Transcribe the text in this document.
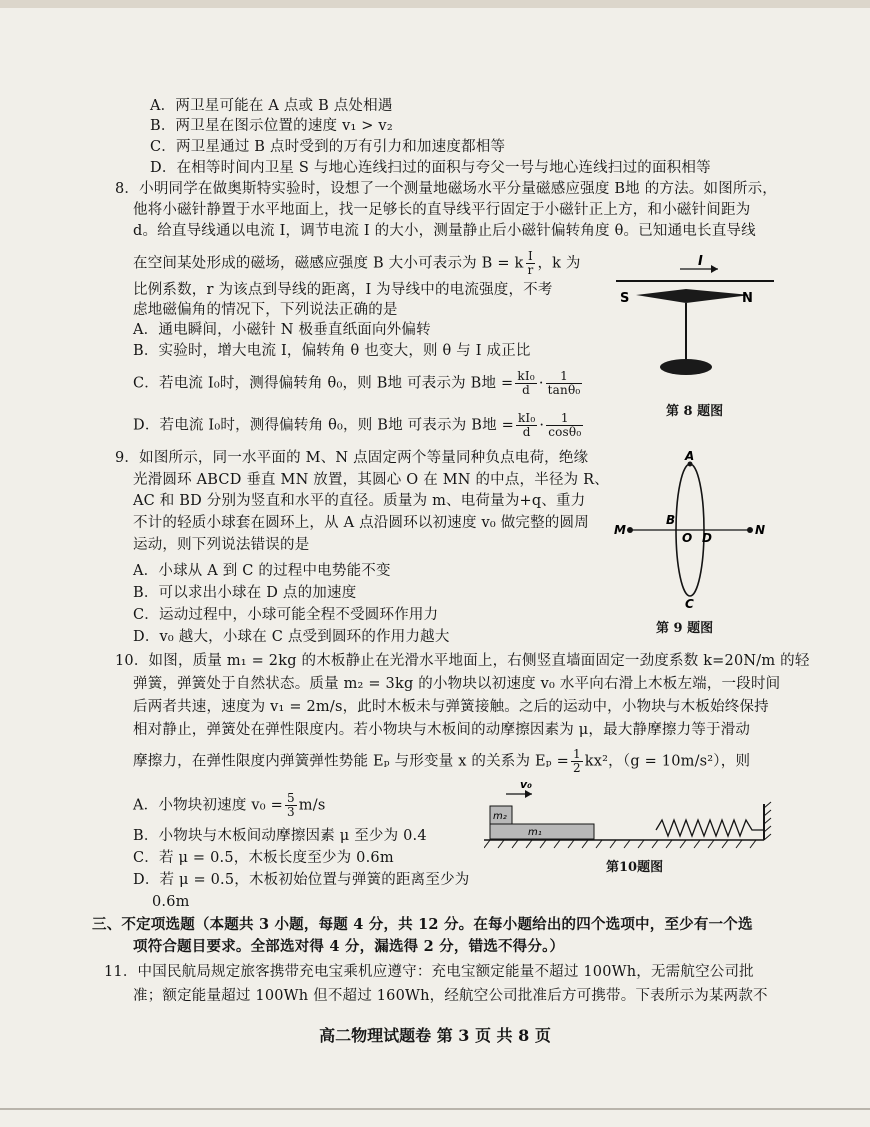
A．两卫星可能在 A 点或 B 点处相遇
B．两卫星在图示位置的速度 v₁ > v₂
C．两卫星通过 B 点时受到的万有引力和加速度都相等
D．在相等时间内卫星 S 与地心连线扫过的面积与夸父一号与地心连线扫过的面积相等
8．小明同学在做奥斯特实验时，设想了一个测量地磁场水平分量磁感应强度 B地 的方法。如图所示，
他将小磁针静置于水平地面上，找一足够长的直导线平行固定于小磁针正上方，和小磁针间距为
d。给直导线通以电流 I，调节电流 I 的大小，测量静止后小磁针偏转角度 θ。已知通电长直导线
在空间某处形成的磁场，磁感应强度 B 大小可表示为 B = k $\frac{I}{r}$ ，k 为
比例系数，r 为该点到导线的距离，I 为导线中的电流强度，不考
虑地磁偏角的情况下，下列说法正确的是
A．通电瞬间，小磁针 N 极垂直纸面向外偏转
B．实验时，增大电流 I，偏转角 θ 也变大，则 θ 与 I 成正比
C．若电流 I₀时，测得偏转角 θ₀，则 B地 可表示为 B地 = $\frac{\text{kI₀}}{d} \cdot \frac{1}{\text{tanθ₀}}$
D．若电流 I₀时，测得偏转角 θ₀，则 B地 可表示为 B地 = $\frac{\text{kI₀}}{d} \cdot \frac{1}{\text{cosθ₀}}$
I
S	N
第 8 题图
9．如图所示，同一水平面的 M、N 点固定两个等量同种负点电荷，绝缘
光滑圆环 ABCD 垂直 MN 放置，其圆心 O 在 MN 的中点，半径为 R、
AC 和 BD 分别为竖直和水平的直径。质量为 m、电荷量为+q、重力
不计的轻质小球套在圆环上，从 A 点沿圆环以初速度 v₀ 做完整的圆周
运动，则下列说法错误的是
A．小球从 A 到 C 的过程中电势能不变
B．可以求出小球在 D 点的加速度
C．运动过程中，小球可能全程不受圆环作用力
D．v₀ 越大，小球在 C 点受到圆环的作用力越大
A
C
B
D
O
M	N
第 9 题图
10．如图，质量 m₁ = 2kg 的木板静止在光滑水平地面上，右侧竖直墙面固定一劲度系数 k=20N/m 的轻
弹簧，弹簧处于自然状态。质量 m₂ = 3kg 的小物块以初速度 v₀ 水平向右滑上木板左端，一段时间
后两者共速，速度为 v₁ = 2m/s，此时木板未与弹簧接触。之后的运动中，小物块与木板始终保持
相对静止，弹簧处在弹性限度内。若小物块与木板间的动摩擦因素为 μ，最大静摩擦力等于滑动
摩擦力，在弹性限度内弹簧弹性势能 Eₚ 与形变量 x 的关系为 $E_p = \frac{1}{2} kx^2$，（g = 10m/s²），则
A．小物块初速度 $v_0 = \frac{5}{3} m/s$
B．小物块与木板间动摩擦因素 μ 至少为 0.4
C．若 μ = 0.5，木板长度至少为 0.6m
D．若 μ = 0.5，木板初始位置与弹簧的距离至少为
0.6m
v₀
m₂
m₁
第10题图
三、不定项选题（本题共 3 小题，每题 4 分，共 12 分。在每小题给出的四个选项中，至少有一个选
项符合题目要求。全部选对得 4 分，漏选得 2 分，错选不得分。）
11．中国民航局规定旅客携带充电宝乘机应遵守：充电宝额定能量不超过 100Wh，无需航空公司批
准；额定能量超过 100Wh 但不超过 160Wh，经航空公司批准后方可携带。下表所示为某两款不
高二物理试题卷 第 3 页 共 8 页
